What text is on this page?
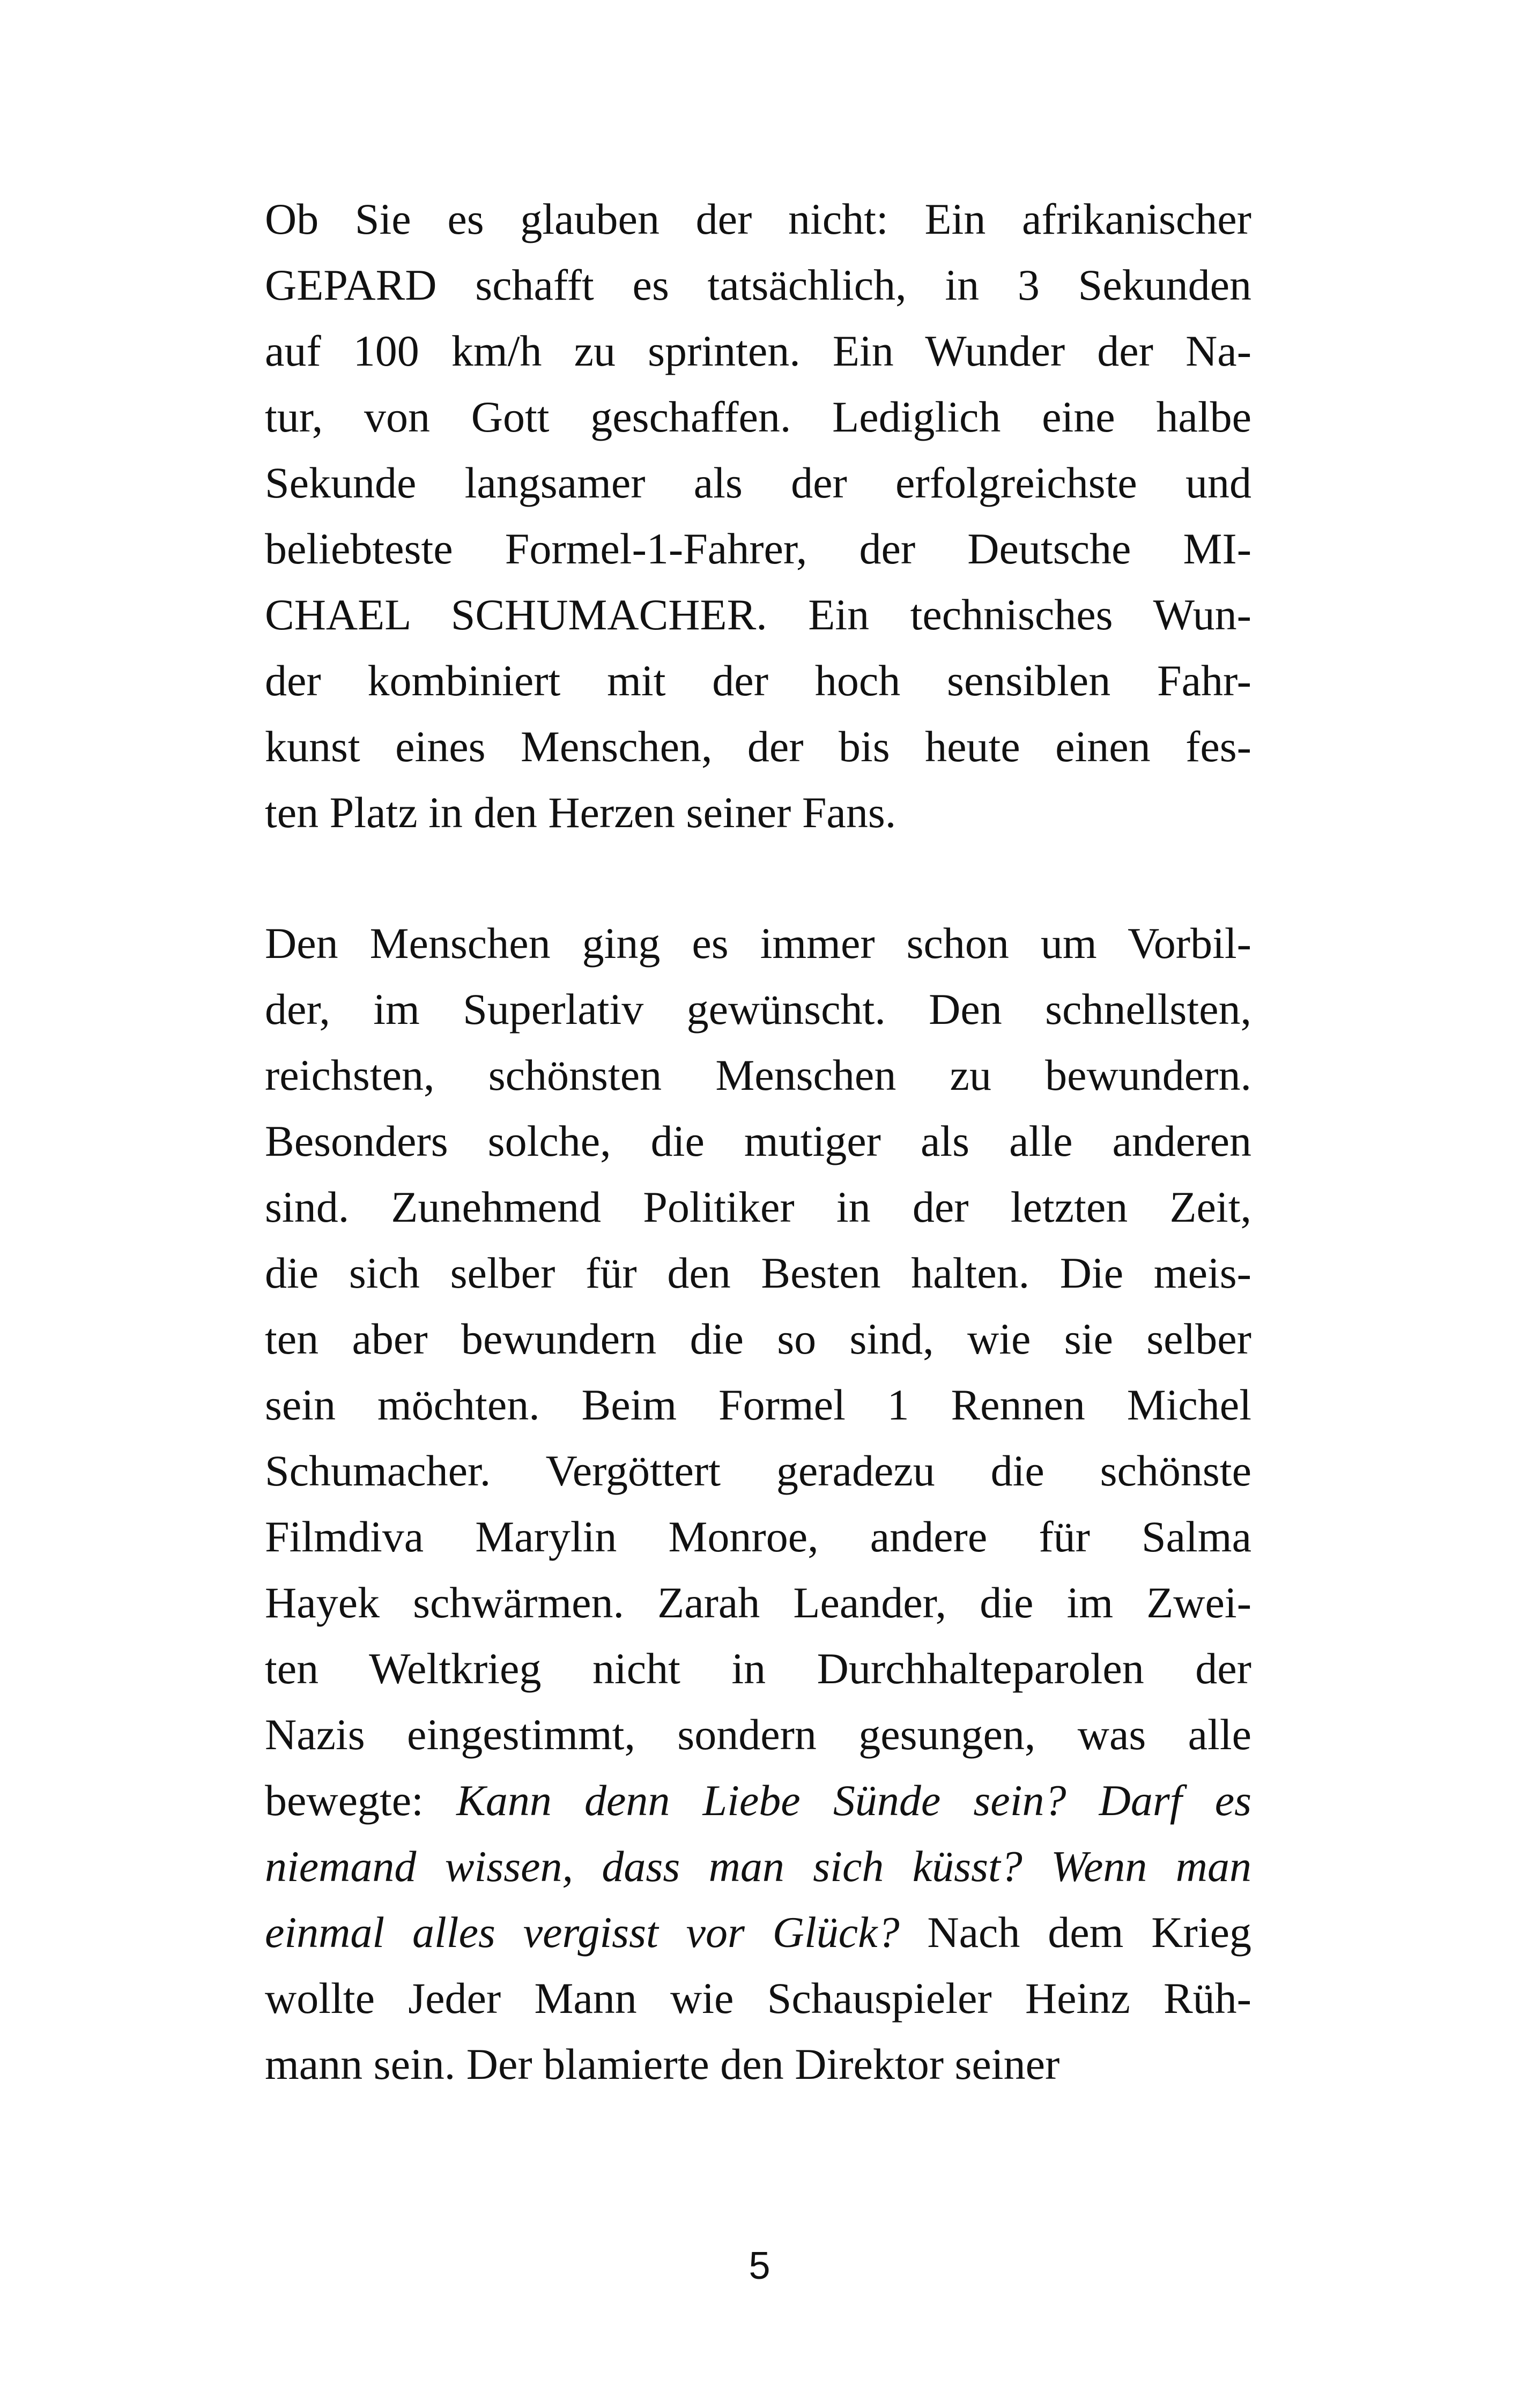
Ob Sie es glauben der nicht: Ein afrikanischer
GEPARD schafft es tatsächlich, in 3 Sekunden
auf 100 km/h zu sprinten. Ein Wunder der Na-
tur, von Gott geschaffen. Lediglich eine halbe
Sekunde langsamer als der erfolgreichste und
beliebteste Formel-1-Fahrer, der Deutsche MI-
CHAEL SCHUMACHER. Ein technisches Wun-
der kombiniert mit der hoch sensiblen Fahr-
kunst eines Menschen, der bis heute einen fes-
ten Platz in den Herzen seiner Fans.
Den Menschen ging es immer schon um Vorbil-
der, im Superlativ gewünscht. Den schnellsten,
reichsten, schönsten Menschen zu bewundern.
Besonders solche, die mutiger als alle anderen
sind. Zunehmend Politiker in der letzten Zeit,
die sich selber für den Besten halten. Die meis-
ten aber bewundern die so sind, wie sie selber
sein möchten. Beim Formel 1 Rennen Michel
Schumacher. Vergöttert geradezu die schönste
Filmdiva Marylin Monroe, andere für Salma
Hayek schwärmen. Zarah Leander, die im Zwei-
ten Weltkrieg nicht in Durchhalteparolen der
Nazis eingestimmt, sondern gesungen, was alle
bewegte: Kann denn Liebe Sünde sein? Darf es
niemand wissen, dass man sich küsst? Wenn man
einmal alles vergisst vor Glück? Nach dem Krieg
wollte Jeder Mann wie Schauspieler Heinz Rüh-
mann sein. Der blamierte den Direktor seiner
5
